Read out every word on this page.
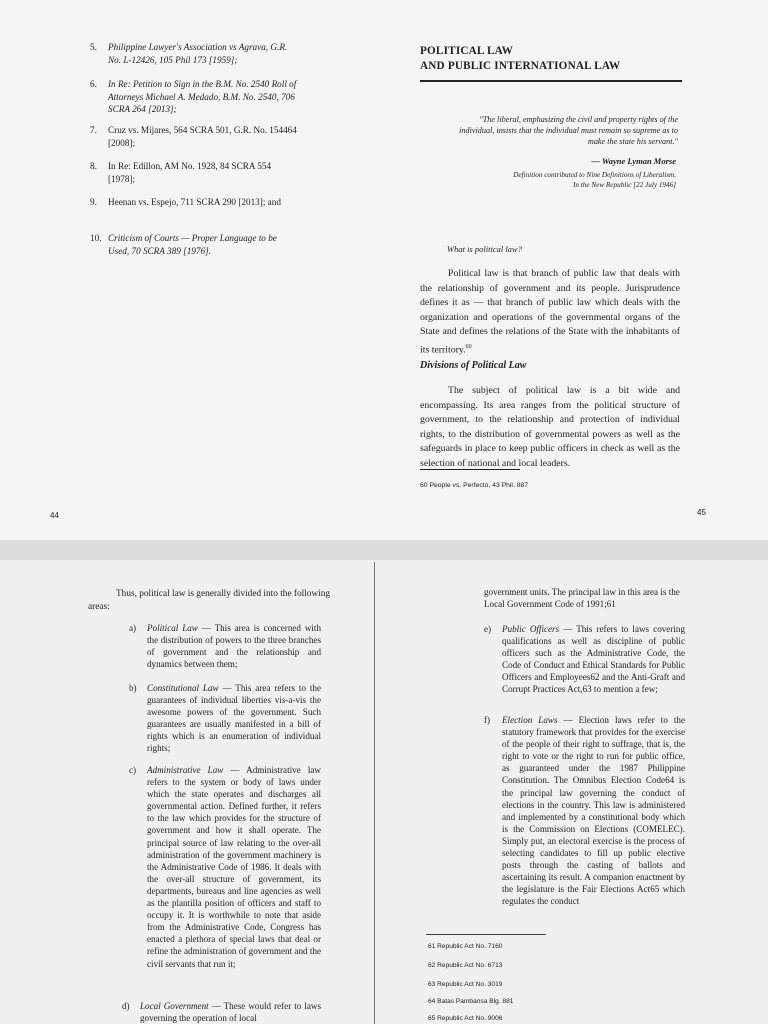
5.	Philippine Lawyer's Association vs Agrava, G.R. No. L-12426, 105 Phil 173 [1959];
6.	In Re: Petition to Sign in the B.M. No. 2540 Roll of Attorneys Michael A. Medado, B.M. No. 2540, 706 SCRA 264 [2013];
7.	Cruz vs. Mijares, 564 SCRA 501, G.R. No. 154464 [2008];
8.	In Re: Edillon, AM No. 1928, 84 SCRA 554 [1978];
9.	Heenan vs. Espejo, 711 SCRA 290 [2013]; and
10. Criticism of Courts — Proper Language to be Used, 70 SCRA 389 [1976].
44
POLITICAL LAW
AND PUBLIC INTERNATIONAL LAW
"The liberal, emphasizing the civil and property rights of the individual, insists that the individual must remain so supreme as to make the state his servant."
— Wayne Lyman Morse
Definition contributed to Nine Definitions of Liberalism.
In the New Republic [22 July 1946]
What is political law?
Political law is that branch of public law that deals with the relationship of government and its people. Jurisprudence defines it as — that branch of public law which deals with the organization and operations of the governmental organs of the State and defines the relations of the State with the inhabitants of its territory.$^{60}$
Divisions of Political Law
The subject of political law is a bit wide and encompassing. Its area ranges from the political structure of government, to the relationship and protection of individual rights, to the distribution of governmental powers as well as the safeguards in place to keep public officers in check as well as the selection of national and local leaders.
60 People vs. Perfecto, 43 Phil. 887
45
Thus, political law is generally divided into the following areas:
a) Political Law — This area is concerned with the distribution of powers to the three branches of government and the relationship and dynamics between them;
b) Constitutional Law — This area refers to the guarantees of individual liberties vis-a-vis the awesome powers of the government. Such guarantees are usually manifested in a bill of rights which is an enumeration of individual rights;
c) Administrative Law — Administrative law refers to the system or body of laws under which the state operates and discharges all governmental action. Defined further, it refers to the law which provides for the structure of government and how it shall operate. The principal source of law relating to the over-all administration of the government machinery is the Administrative Code of 1986. It deals with the over-all structure of government, its departments, bureaus and line agencies as well as the plantilla position of officers and staff to occupy it. It is worthwhile to note that aside from the Administrative Code, Congress has enacted a plethora of special laws that deal or refine the administration of government and the civil servants that run it;
d) Local Government — These would refer to laws governing the operation of local
government units. The principal law in this area is the Local Government Code of 1991;61
e) Public Officers — This refers to laws covering qualifications as well as discipline of public officers such as the Administrative Code, the Code of Conduct and Ethical Standards for Public Officers and Employees62 and the Anti-Graft and Corrupt Practices Act,63 to mention a few;
f) Election Laws — Election laws refer to the statutory framework that provides for the exercise of the people of their right to suffrage, that is, the right to vote or the right to run for public office, as guaranteed under the 1987 Philippine Constitution. The Omnibus Election Code64 is the principal law governing the conduct of elections in the country. This law is administered and implemented by a constitutional body which is the Commission on Elections (COMELEC). Simply put, an electoral exercise is the process of selecting candidates to fill up public elective posts through the casting of ballots and ascertaining its result. A companion enactment by the legislature is the Fair Elections Act65 which regulates the conduct
61 Republic Act No. 7160
62 Republic Act No. 6713
63 Republic Act No. 3019
64 Batas Pambansa Blg. 881
65 Republic Act No. 9006
